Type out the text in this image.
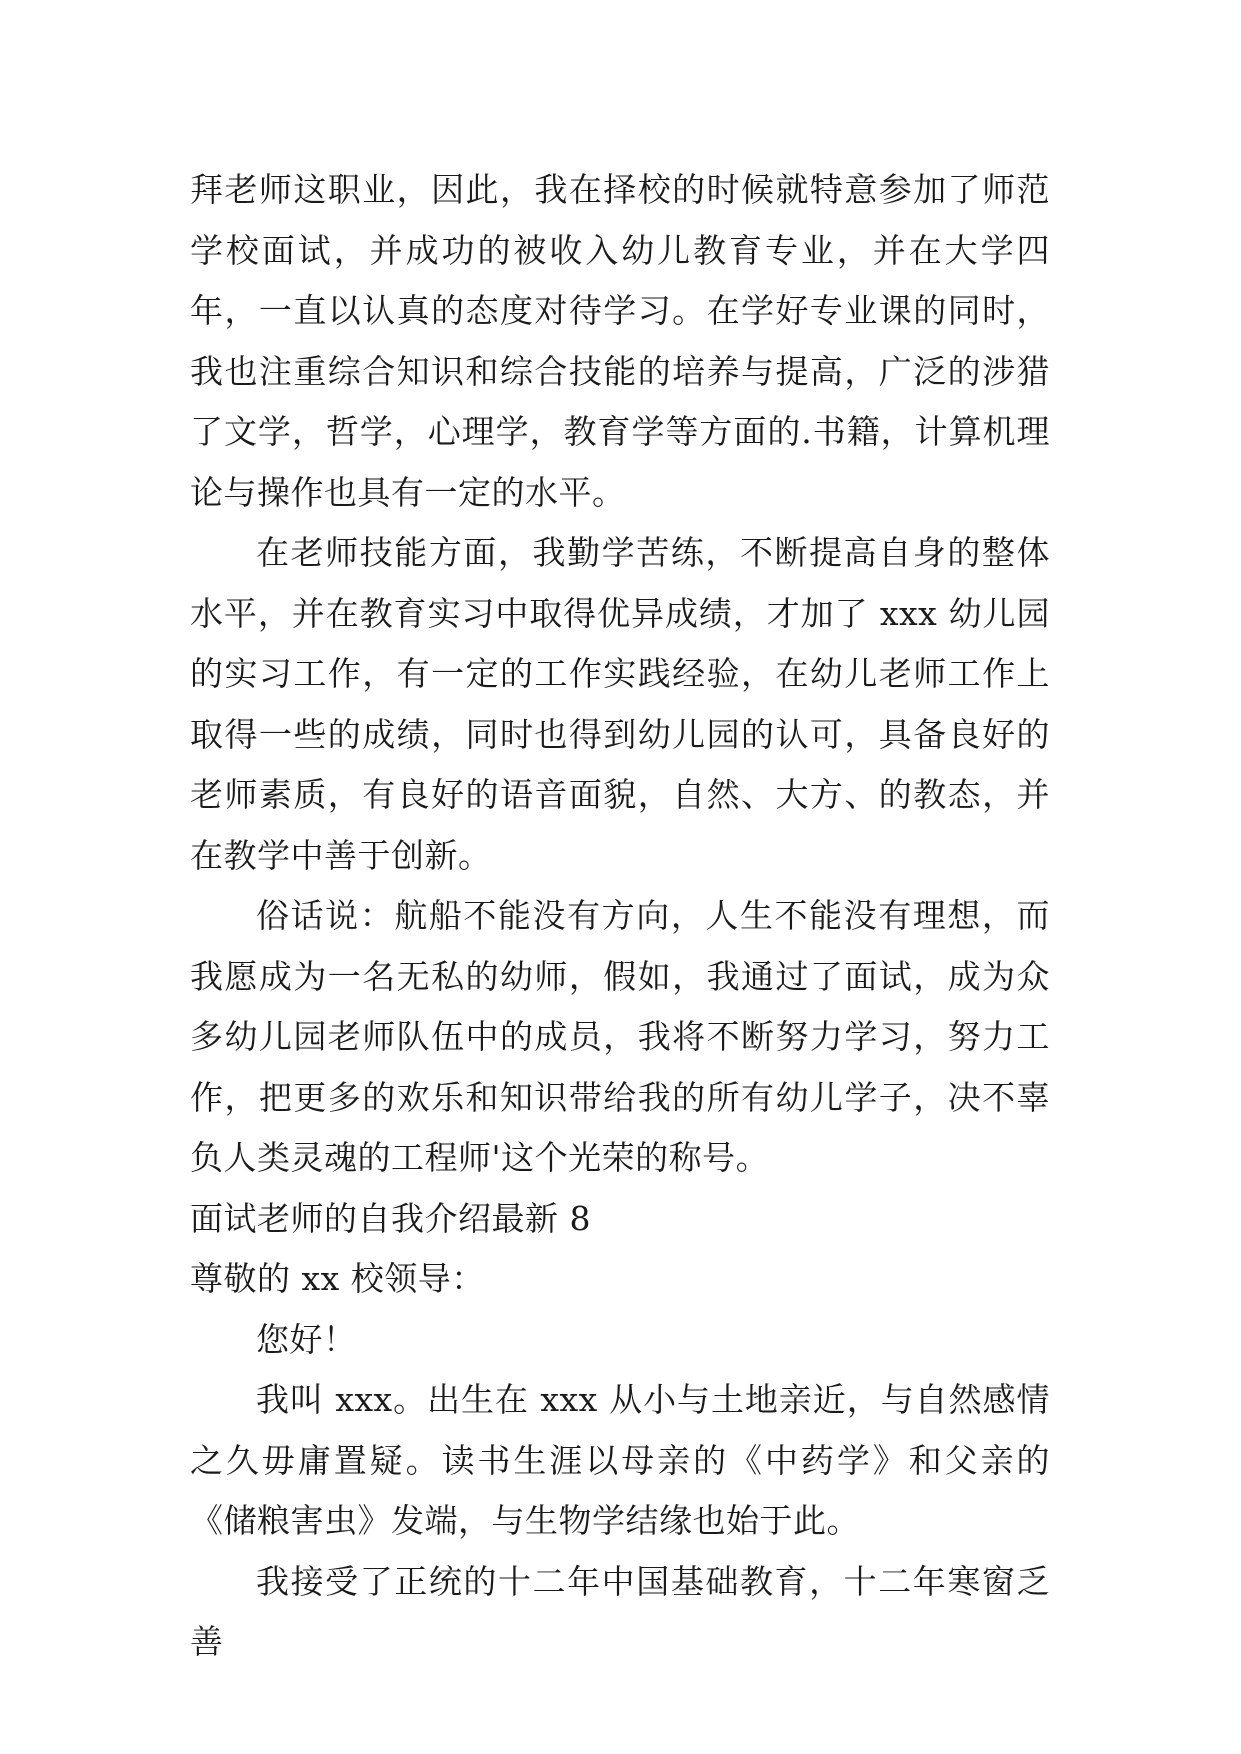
拜老师这职业，因此，我在择校的时候就特意参加了师范学校面试，并成功的被收入幼儿教育专业，并在大学四年，一直以认真的态度对待学习。在学好专业课的同时，我也注重综合知识和综合技能的培养与提高，广泛的涉猎了文学，哲学，心理学，教育学等方面的.书籍，计算机理论与操作也具有一定的水平。

在老师技能方面，我勤学苦练，不断提高自身的整体水平，并在教育实习中取得优异成绩，才加了 xxx 幼儿园的实习工作，有一定的工作实践经验，在幼儿老师工作上取得一些的成绩，同时也得到幼儿园的认可，具备良好的老师素质，有良好的语音面貌，自然、大方、的教态，并在教学中善于创新。

俗话说：航船不能没有方向，人生不能没有理想，而我愿成为一名无私的幼师，假如，我通过了面试，成为众多幼儿园老师队伍中的成员，我将不断努力学习，努力工作，把更多的欢乐和知识带给我的所有幼儿学子，决不辜负人类灵魂的工程师'这个光荣的称号。

面试老师的自我介绍最新 8

尊敬的 xx 校领导：

您好！

我叫 xxx。出生在 xxx 从小与土地亲近，与自然感情之久毋庸置疑。读书生涯以母亲的《中药学》和父亲的《储粮害虫》发端，与生物学结缘也始于此。

我接受了正统的十二年中国基础教育，十二年寒窗乏善
